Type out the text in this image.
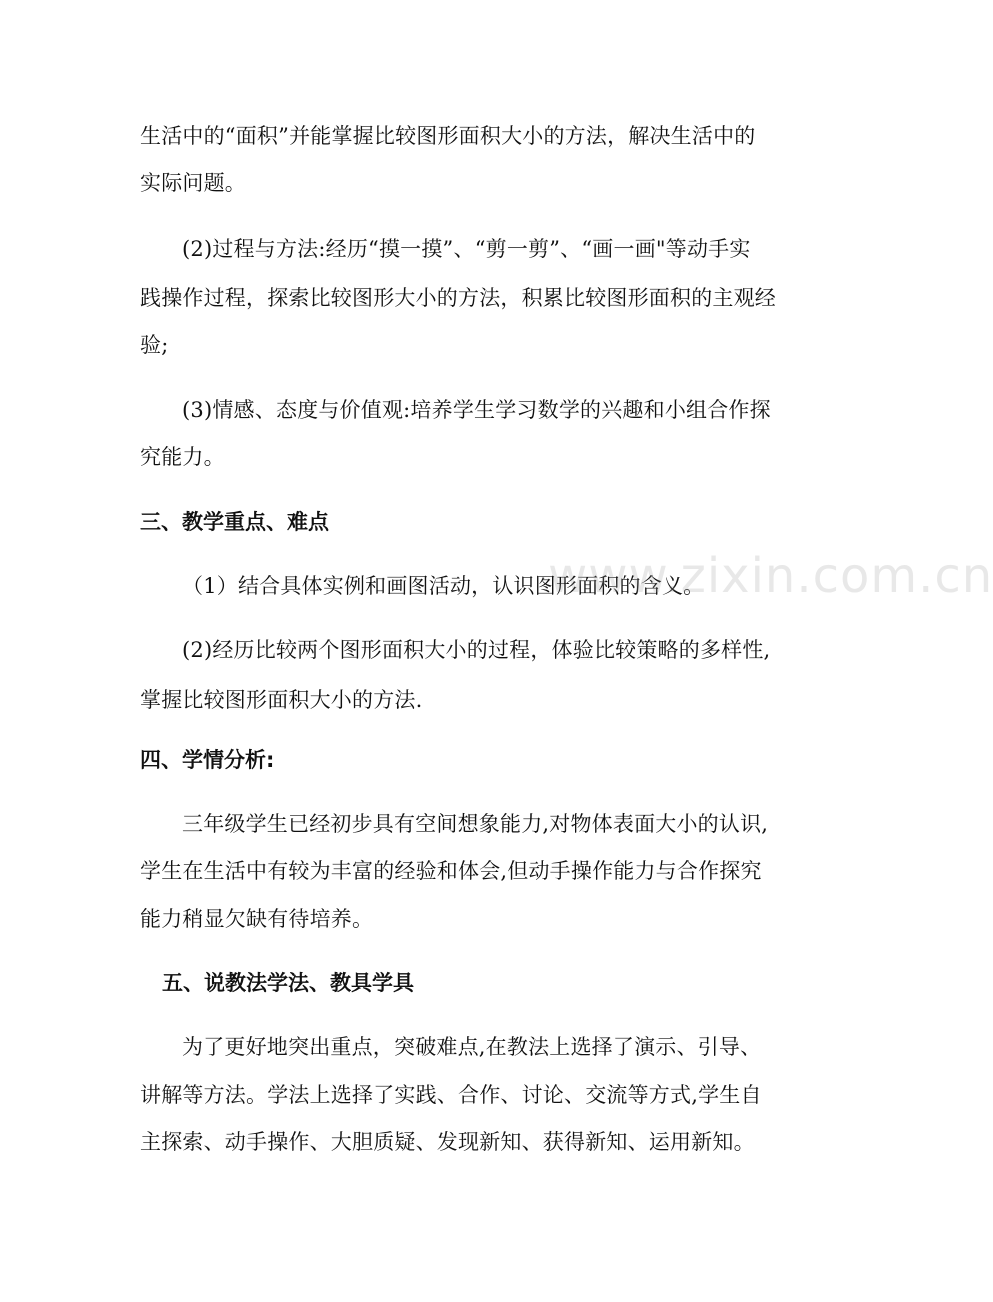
生活中的“面积”并能掌握比较图形面积大小的方法，解决生活中的
实际问题。
(2)过程与方法:经历“摸一摸”、“剪一剪”、“画一画"等动手实
践操作过程，探索比较图形大小的方法，积累比较图形面积的主观经
验;
(3)情感、态度与价值观:培养学生学习数学的兴趣和小组合作探
究能力。
三、教学重点、难点
（1）结合具体实例和画图活动，认识图形面积的含义。
(2)经历比较两个图形面积大小的过程，体验比较策略的多样性,
掌握比较图形面积大小的方法.
四、学情分析:
三年级学生已经初步具有空间想象能力,对物体表面大小的认识,
学生在生活中有较为丰富的经验和体会,但动手操作能力与合作探究
能力稍显欠缺有待培养。
五、说教法学法、教具学具
为了更好地突出重点，突破难点,在教法上选择了演示、引导、
讲解等方法。学法上选择了实践、合作、讨论、交流等方式,学生自
主探索、动手操作、大胆质疑、发现新知、获得新知、运用新知。
www.zixin.com.cn
